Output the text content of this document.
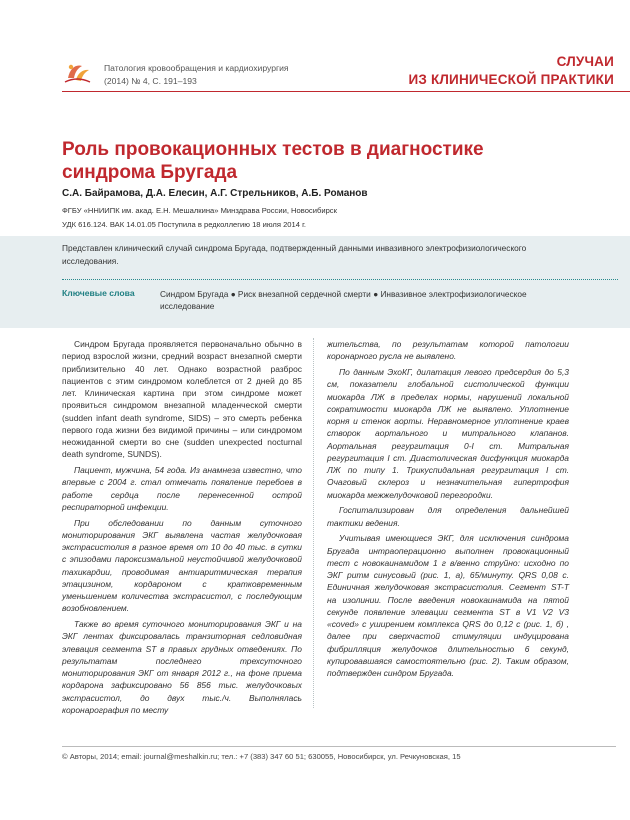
Патология кровообращения и кардиохирургия
(2014) № 4, С. 191–193
СЛУЧАИ
ИЗ КЛИНИЧЕСКОЙ ПРАКТИКИ
Роль провокационных тестов в диагностике
синдрома Бругада
С.А. Байрамова, Д.А. Елесин, А.Г. Стрельников, А.Б. Романов
ФГБУ «ННИИПК им. акад. Е.Н. Мешалкина» Минздрава России, Новосибирск
УДК 616.124. ВАК 14.01.05 Поступила в редколлегию 18 июля 2014 г.
Представлен клинический случай синдрома Бругада, подтвержденный данными инвазивного электрофизиологического исследования.
Ключевые слова	Синдром Бругада ● Риск внезапной сердечной смерти ● Инвазивное электрофизиологическое исследование

Синдром Бругада проявляется первоначально обычно в период взрослой жизни, средний возраст внезапной смерти приблизительно 40 лет. Однако возрастной разброс пациентов с этим синдромом колеблется от 2 дней до 85 лет. Клиническая картина при этом синдроме может проявиться синдромом внезапной младенческой смерти (sudden infant death syndrome, SIDS) – это смерть ребенка первого года жизни без видимой причины – или синдромом неожиданной смерти во сне (sudden unexpected nocturnal death syndrome, SUNDS).

Пациент, мужчина, 54 года. Из анамнеза известно, что впервые с 2004 г. стал отмечать появление перебоев в работе сердца после перенесенной острой респираторной инфекции.

При обследовании по данным суточного мониторирования ЭКГ выявлена частая желудочковая экстрасистолия в разное время от 10 до 40 тыс. в сутки с эпизодами пароксизмальной неустойчивой желудочковой тахикардии, проводимая антиаритмическая терапия этацизином, кордароном с кратковременным уменьшением количества экстрасистол, с последующим возобновлением.

Также во время суточного мониторирования ЭКГ и на ЭКГ лентах фиксировалась транзиторная седловидная элевация сегмента ST в правых грудных отведениях. По результатам последнего трехсуточного мониторирования ЭКГ от января 2012 г., на фоне приема кордарона зафиксировано 56 856 тыс. желудочковых экстрасистол, до двух тыс./ч. Выполнялась коронарография по месту

жительства, по результатам которой патологии коронарного русла не выявлено.

По данным ЭхоКГ, дилатация левого предсердия до 5,3 см, показатели глобальной систолической функции миокарда ЛЖ в пределах нормы, нарушений локальной сократимости миокарда ЛЖ не выявлено. Уплотнение корня и стенок аорты. Неравномерное уплотнение краев створок аортального и митрального клапанов. Аортальная регургитация 0-I ст. Митральная регургитация I ст. Диастолическая дисфункция миокарда ЛЖ по типу 1. Трикуспидальная регургитация I ст. Очаговый склероз и незначительная гипертрофия миокарда межжелудочковой перегородки.

Госпитализирован для определения дальнейшей тактики ведения.

Учитывая имеющиеся ЭКГ, для исключения синдрома Бругада интраоперационно выполнен провокационный тест с новокаинамидом 1 г в/венно струйно: исходно по ЭКГ ритм синусовый (рис. 1, а), 65/минуту. QRS 0,08 с. Единичная желудочковая экстрасистолия. Сегмент ST-T на изолинии. После введения новокаинамида на пятой секунде появление элевации сегмента ST в V1 V2 V3 «coved» с уширением комплекса QRS до 0,12 с (рис. 1, б) , далее при сверхчастой стимуляции индуцирована фибрилляция желудочков длительностью 6 секунд, купировавшаяся самостоятельно (рис. 2). Таким образом, подтвержден синдром Бругада.

© Авторы, 2014; email: journal@meshalkin.ru; тел.: +7 (383) 347 60 51; 630055, Новосибирск, ул. Речкуновская, 15
